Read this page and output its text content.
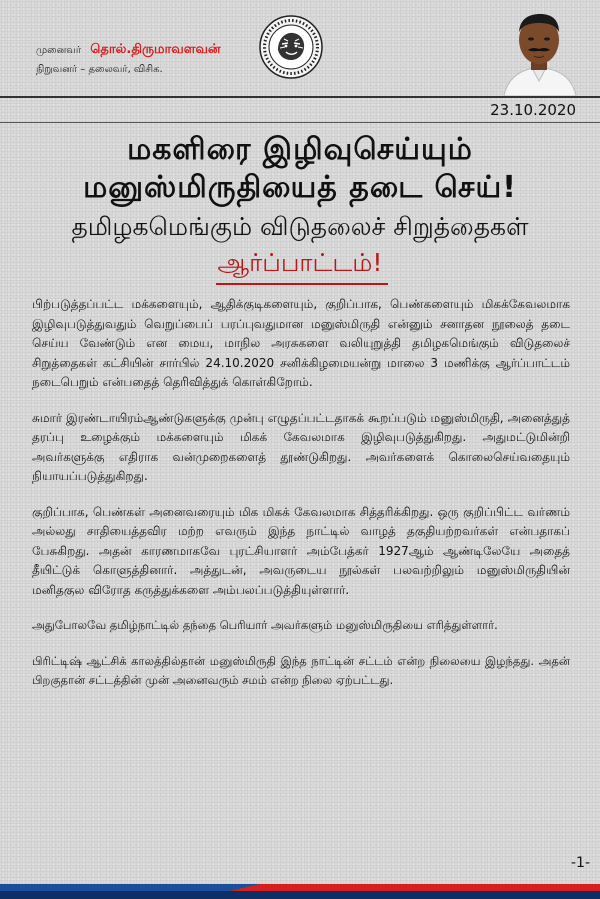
முனைவர் தொல்.திருமாவளவன்
நிறுவனர் – தலைவர், விசிக.
23.10.2020
மகளிரை இழிவுசெய்யும்
மனுஸ்மிருதியைத் தடை செய்!
தமிழகமெங்கும் விடுதலைச் சிறுத்தைகள்
ஆர்ப்பாட்டம்!

பிற்படுத்தப்பட்ட மக்களையும், ஆதிக்குடிகளையும், குறிப்பாக, பெண்களையும் மிகக்கேவலமாக இழிவுபடுத்துவதும் வெறுப்பைப் பரப்புவதுமான மனுஸ்மிருதி என்னும் சனாதன நூலைத் தடை செய்ய வேண்டும் என மைய, மாநில அரசுகளை வலியுறுத்தி தமிழகமெங்கும் விடுதலைச் சிறுத்தைகள் கட்சியின் சார்பில் 24.10.2020 சனிக்கிழமையன்று மாலை 3 மணிக்கு ஆர்ப்பாட்டம் நடைபெறும் என்பதைத் தெரிவித்துக் கொள்கிறோம்.

சுமார் இரண்டாயிரம்ஆண்டுகளுக்கு முன்பு எழுதப்பட்டதாகக் கூறப்படும் மனுஸ்மிருதி, அனைத்துத் தரப்பு உழைக்கும் மக்களையும் மிகக் கேவலமாக இழிவுபடுத்துகிறது. அதுமட்டுமின்றி அவர்களுக்கு எதிராக வன்முறைகளைத் தூண்டுகிறது. அவர்களைக் கொலைசெய்வதையும் நியாயப்படுத்துகிறது.

குறிப்பாக, பெண்கள் அனைவரையும் மிக மிகக் கேவலமாக சித்தரிக்கிறது. ஒரு குறிப்பிட்ட வர்ணம் அல்லது சாதியைத்தவிர மற்ற எவரும் இந்த நாட்டில் வாழத் தகுதியற்றவர்கள் என்பதாகப் பேசுகிறது. அதன் காரணமாகவே புரட்சியாளர் அம்பேத்கர் 1927ஆம் ஆண்டிலேயே அதைத் தீயிட்டுக் கொளுத்தினார். அத்துடன், அவருடைய நூல்கள் பலவற்றிலும் மனுஸ்மிருதியின் மனிதகுல விரோத கருத்துக்களை அம்பலப்படுத்தியுள்ளார்.

அதுபோலவே தமிழ்நாட்டில் தந்தை பெரியார் அவர்களும் மனுஸ்மிருதியை எரித்துள்ளார்.

பிரிட்டிஷ் ஆட்சிக் காலத்தில்தான் மனுஸ்மிருதி இந்த நாட்டின் சட்டம் என்ற நிலையை இழந்தது. அதன் பிறகுதான் சட்டத்தின் முன் அனைவரும் சமம் என்ற நிலை ஏற்பட்டது.

-1-
